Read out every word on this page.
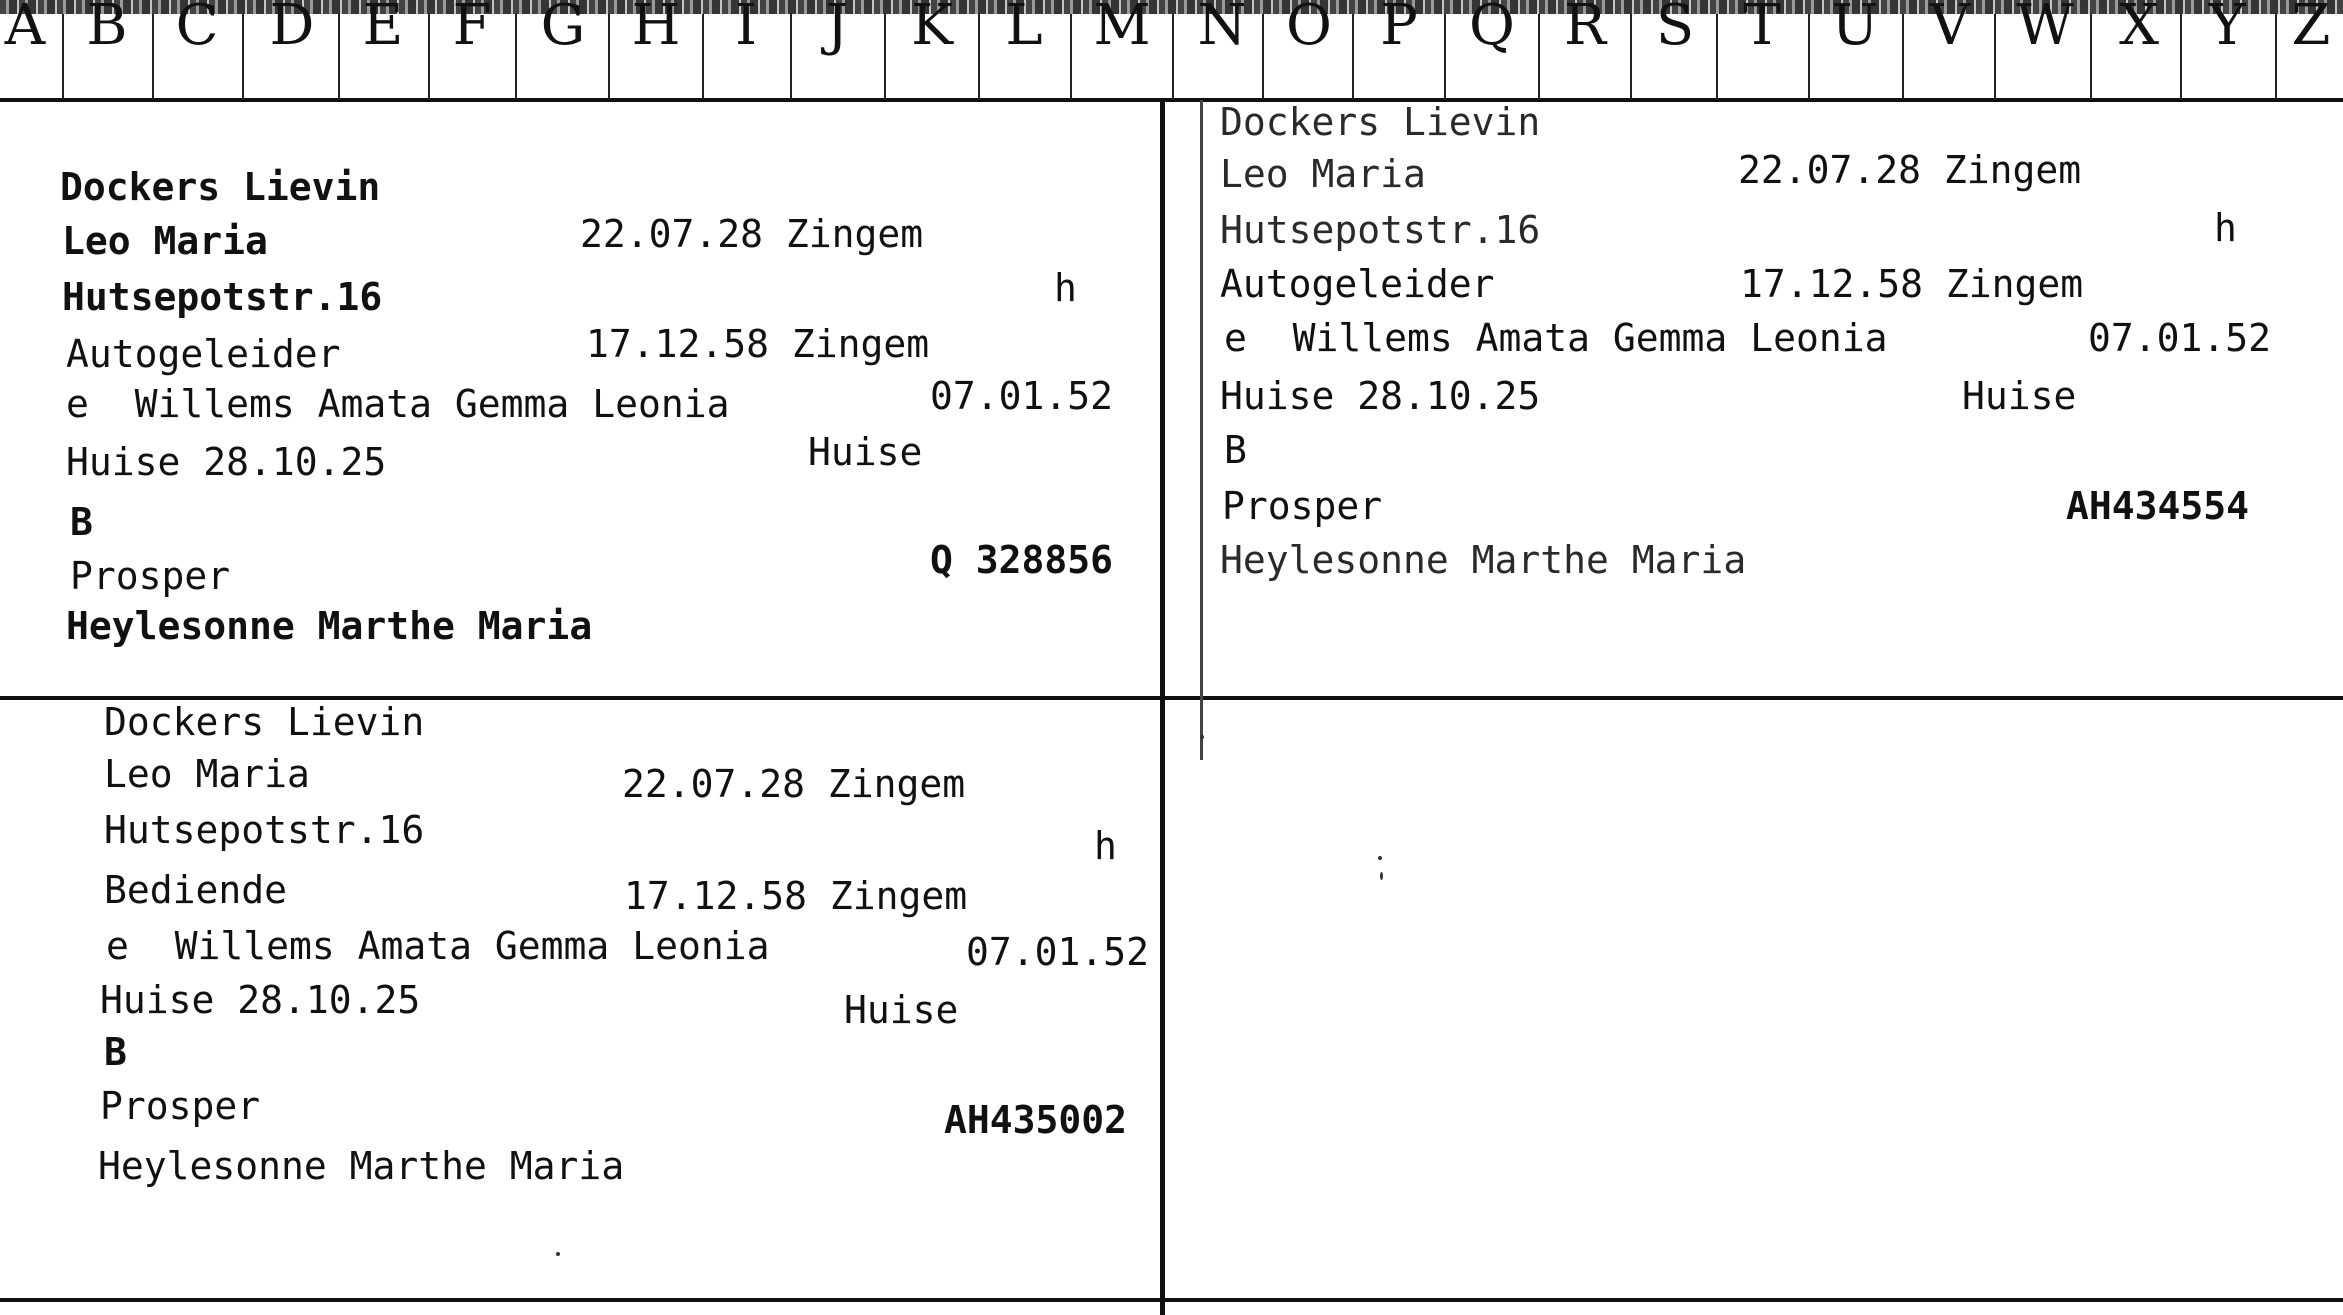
A B C D E F G H I	J	K L M N O P Q R S T U V W X Y Z
Dockers Lievin
Leo Maria	22.07.28 Zingem
Hutsepotstr.16	h
Autogeleider	17.12.58 Zingem
e  Willems Amata Gemma Leonia	07.01.52
Huise 28.10.25	Huise
B
Prosper	Q 328856
Heylesonne Marthe Maria
Dockers Lievin
Leo Maria	22.07.28 Zingem
Hutsepotstr.16	h
Autogeleider	17.12.58 Zingem
e  Willems Amata Gemma Leonia	07.01.52
Huise 28.10.25	Huise
B
Prosper	AH434554
Heylesonne Marthe Maria
Dockers Lievin
Leo Maria	22.07.28 Zingem
Hutsepotstr.16	h
Bediende	17.12.58 Zingem
e  Willems Amata Gemma Leonia	07.01.52
Huise 28.10.25	Huise
B
Prosper	AH435002
Heylesonne Marthe Maria
